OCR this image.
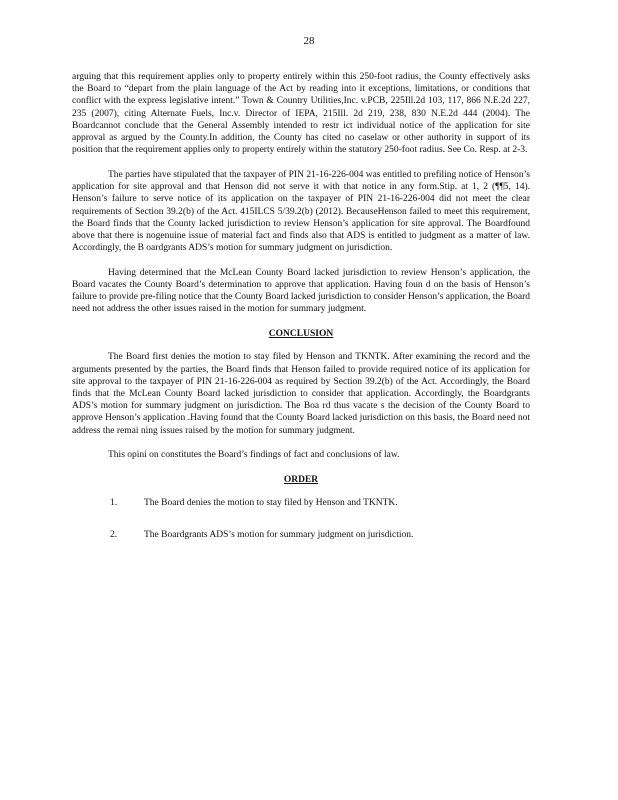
28

arguing that this requirement applies only to property entirely within this 250-foot radius, the County effectively asks the Board to “depart from the plain language of the Act by reading into it exceptions, limitations, or conditions that conflict with the express legislative intent.” Town & Country Utilities,Inc. v.PCB, 225Ill.2d 103, 117, 866 N.E.2d 227, 235 (2007), citing Alternate Fuels, Inc.v. Director of IEPA, 215Ill. 2d 219, 238, 830 N.E.2d 444 (2004). The Boardcannot conclude that the General Assembly intended to restr ict individual notice of the application for site approval as argued by the County.In addition, the County has cited no caselaw or other authority in support of its position that the requirement applies only to property entirely within the statutory 250-foot radius. See Co. Resp. at 2-3.

The parties have stipulated that the taxpayer of PIN 21-16-226-004 was entitled to prefiling notice of Henson’s application for site approval and that Henson did not serve it with that notice in any form.Stip. at 1, 2 (¶¶5, 14). Henson’s failure to serve notice of its application on the taxpayer of PIN 21-16-226-004 did not meet the clear requirements of Section 39.2(b) of the Act. 415ILCS 5/39.2(b) (2012). BecauseHenson failed to meet this requirement, the Board finds that the County lacked jurisdiction to review Henson’s application for site approval. The Boardfound above that there is nogenuine issue of material fact and finds also that ADS is entitled to judgment as a matter of law. Accordingly, the B oardgrants ADS’s motion for summary judgment on jurisdiction.

Having determined that the McLean County Board lacked jurisdiction to review Henson’s application, the Board vacates the County Board’s determination to approve that application. Having foun d on the basis of Henson’s failure to provide pre-filing notice that the County Board lacked jurisdiction to consider Henson’s application, the Board need not address the other issues raised in the motion for summary judgment.

CONCLUSION

The Board first denies the motion to stay filed by Henson and TKNTK. After examining the record and the arguments presented by the parties, the Board finds that Henson failed to provide required notice of its application for site approval to the taxpayer of PIN 21-16-226-004 as required by Section 39.2(b) of the Act. Accordingly, the Board finds that the McLean County Board lacked jurisdiction to consider that application. Accordingly, the Boardgrants ADS’s motion for summary judgment on jurisdiction. The Boa rd thus vacate s the decision of the County Board to approve Henson’s application .Having found that the County Board lacked jurisdiction on this basis, the Board need not address the remai ning issues raised by the motion for summary judgment.

This opini on constitutes the Board’s findings of fact and conclusions of law.

ORDER
1.	The Board denies the motion to stay filed by Henson and TKNTK.
2.	The Boardgrants ADS’s motion for summary judgment on jurisdiction.
